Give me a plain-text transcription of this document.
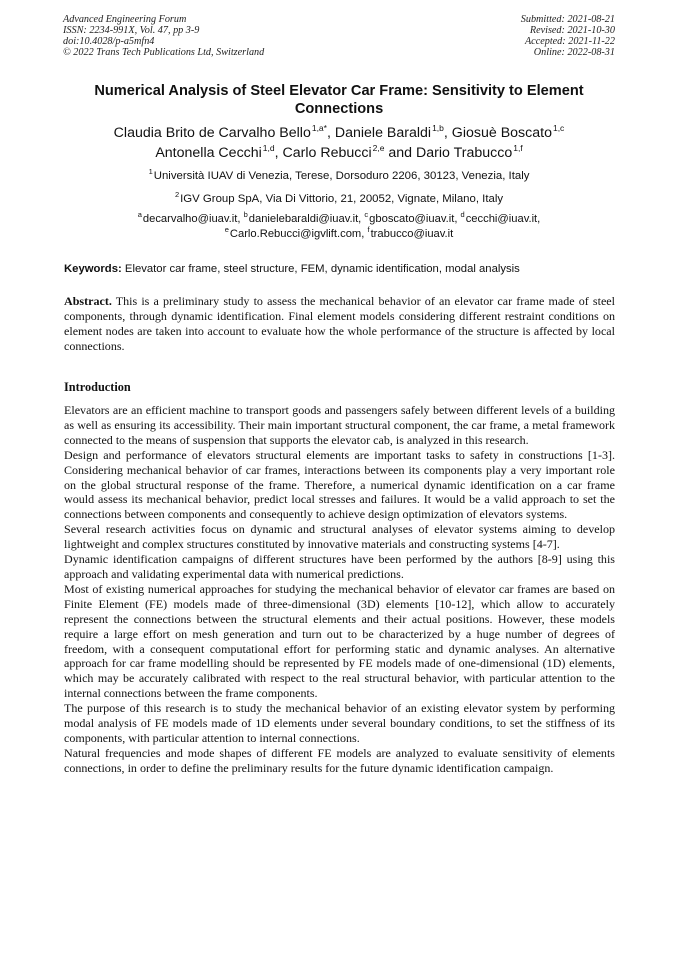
Advanced Engineering Forum
ISSN: 2234-991X, Vol. 47, pp 3-9
doi:10.4028/p-a5mfn4
© 2022 Trans Tech Publications Ltd, Switzerland
Submitted: 2021-08-21
Revised: 2021-10-30
Accepted: 2021-11-22
Online: 2022-08-31
Numerical Analysis of Steel Elevator Car Frame: Sensitivity to Element
Connections
Claudia Brito de Carvalho Bello$^{1,a*}$, Daniele Baraldi$^{1,b}$, Giosuè Boscato$^{1,c}$
Antonella Cecchi$^{1,d}$, Carlo Rebucci$^{2,e}$ and Dario Trabucco$^{1,f}$
$^1$Università IUAV di Venezia, Terese, Dorsoduro 2206, 30123, Venezia, Italy
$^2$IGV Group SpA, Via Di Vittorio, 21, 20052, Vignate, Milano, Italy
$^a$decarvalho@iuav.it, $^b$danielebaraldi@iuav.it, $^c$gboscato@iuav.it, $^d$cecchi@iuav.it,
$^e$Carlo.Rebucci@igvlift.com, $^f$trabucco@iuav.it
Keywords: Elevator car frame, steel structure, FEM, dynamic identification, modal analysis
Abstract. This is a preliminary study to assess the mechanical behavior of an elevator car frame made of steel components, through dynamic identification. Final element models considering different restraint conditions on element nodes are taken into account to evaluate how the whole performance of the structure is affected by local connections.
Introduction

Elevators are an efficient machine to transport goods and passengers safely between different levels of a building as well as ensuring its accessibility. Their main important structural component, the car frame, a metal framework connected to the means of suspension that supports the elevator cab, is analyzed in this research.

Design and performance of elevators structural elements are important tasks to safety in constructions [1-3]. Considering mechanical behavior of car frames, interactions between its components play a very important role on the global structural response of the frame. Therefore, a numerical dynamic identification on a car frame would assess its mechanical behavior, predict local stresses and failures. It would be a valid approach to set the connections between components and consequently to achieve design optimization of elevators systems.

Several research activities focus on dynamic and structural analyses of elevator systems aiming to develop lightweight and complex structures constituted by innovative materials and constructing systems [4-7].

Dynamic identification campaigns of different structures have been performed by the authors [8-9] using this approach and validating experimental data with numerical predictions.

Most of existing numerical approaches for studying the mechanical behavior of elevator car frames are based on Finite Element (FE) models made of three-dimensional (3D) elements [10-12], which allow to accurately represent the connections between the structural elements and their actual positions. However, these models require a large effort on mesh generation and turn out to be characterized by a huge number of degrees of freedom, with a consequent computational effort for performing static and dynamic analyses. An alternative approach for car frame modelling should be represented by FE models made of one-dimensional (1D) elements, which may be accurately calibrated with respect to the real structural behavior, with particular attention to the internal connections between the frame components.

The purpose of this research is to study the mechanical behavior of an existing elevator system by performing modal analysis of FE models made of 1D elements under several boundary conditions, to set the stiffness of its components, with particular attention to internal connections.

Natural frequencies and mode shapes of different FE models are analyzed to evaluate sensitivity of elements connections, in order to define the preliminary results for the future dynamic identification campaign.
